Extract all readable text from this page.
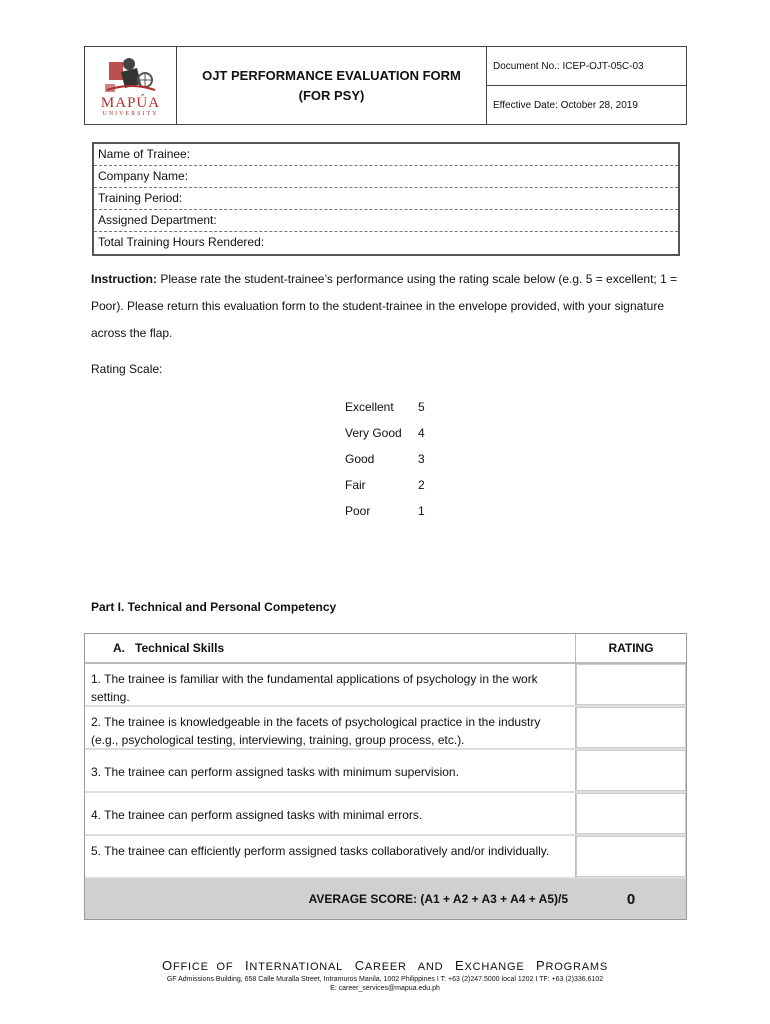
MAPÚA
UNIVERSITY
OJT PERFORMANCE EVALUATION FORM
(FOR PSY)
Document No.: ICEP-OJT-05C-03
Effective Date: October 28, 2019
Name of Trainee:
Company Name:
Training Period:
Assigned Department:
Total Training Hours Rendered:
Instruction: Please rate the student-trainee’s performance using the rating scale below (e.g. 5 = excellent; 1 = Poor). Please return this evaluation form to the student-trainee in the envelope provided, with your signature across the flap.
Rating Scale:
Excellent	5
Very Good	4
Good	3
Fair	2
Poor	1
Part I. Technical and Personal Competency
A.   Technical Skills	RATING
1. The trainee is familiar with the fundamental applications of psychology in the work setting.
2. The trainee is knowledgeable in the facets of psychological practice in the industry (e.g., psychological testing, interviewing, training, group process, etc.).
3. The trainee can perform assigned tasks with minimum supervision.
4. The trainee can perform assigned tasks with minimal errors.
5. The trainee can efficiently perform assigned tasks collaboratively and/or individually.
AVERAGE SCORE: (A1 + A2 + A3 + A4 + A5)/5	0
OFFICE OF INTERNATIONAL CAREER AND EXCHANGE PROGRAMS
GF Admissions Building, 658 Calle Muralla Street, Intramuros Manila, 1002 Philippines I T: +63 (2)247.5000 local 1202 I TF: +63 (2)336.6102
E: career_services@mapua.edu.ph
